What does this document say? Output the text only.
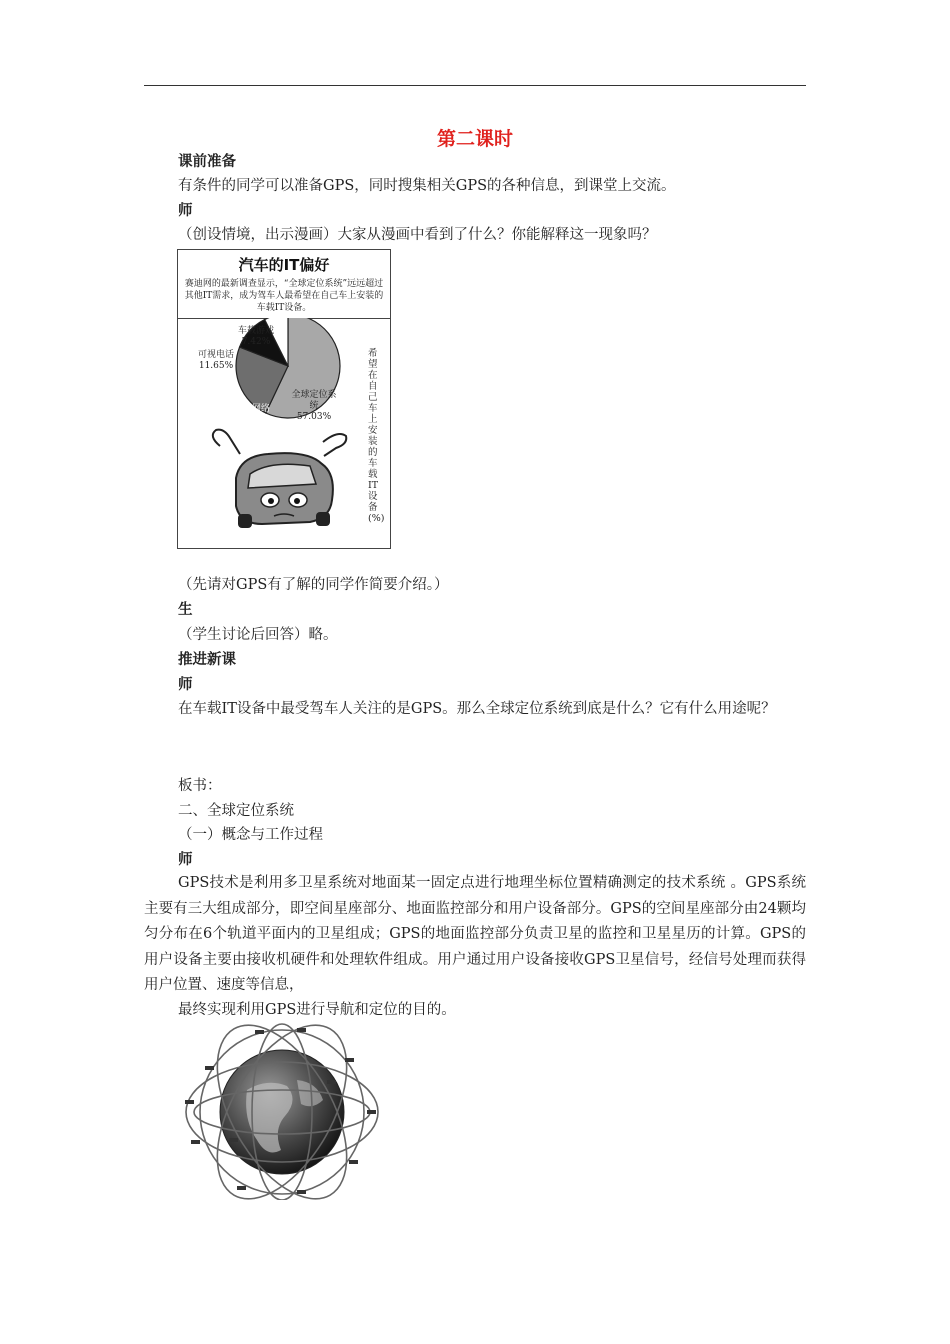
第二课时
课前准备
有条件的同学可以准备GPS，同时搜集相关GPS的各种信息，到课堂上交流。
师
（创设情境，出示漫画）大家从漫画中看到了什么？你能解释这一现象吗？
汽车的IT偏好
赛迪网的最新调查显示，“全球定位系统”远远超过其他IT需求，成为驾车人最希望在自己车上安装的车载IT设备。
车载游戏
7.42%
可视电话
11.65%
无线网络
23.90
全球定位系统
57.03%
希望在自己车上安装的车载IT设备(%)
（先请对GPS有了解的同学作简要介绍。）
生
（学生讨论后回答）略。
推进新课
师
在车载IT设备中最受驾车人关注的是GPS。那么全球定位系统到底是什么？它有什么用途呢？
板书：
二、全球定位系统
（一）概念与工作过程
师
GPS技术是利用多卫星系统对地面某一固定点进行地理坐标位置精确测定的技术系统 。GPS系统主要有三大组成部分，即空间星座部分、地面监控部分和用户设备部分。GPS的空间星座部分由24颗均匀分布在6个轨道平面内的卫星组成；GPS的地面监控部分负责卫星的监控和卫星星历的计算。GPS的用户设备主要由接收机硬件和处理软件组成。用户通过用户设备接收GPS卫星信号，经信号处理而获得用户位置、速度等信息，
最终实现利用GPS进行导航和定位的目的。
